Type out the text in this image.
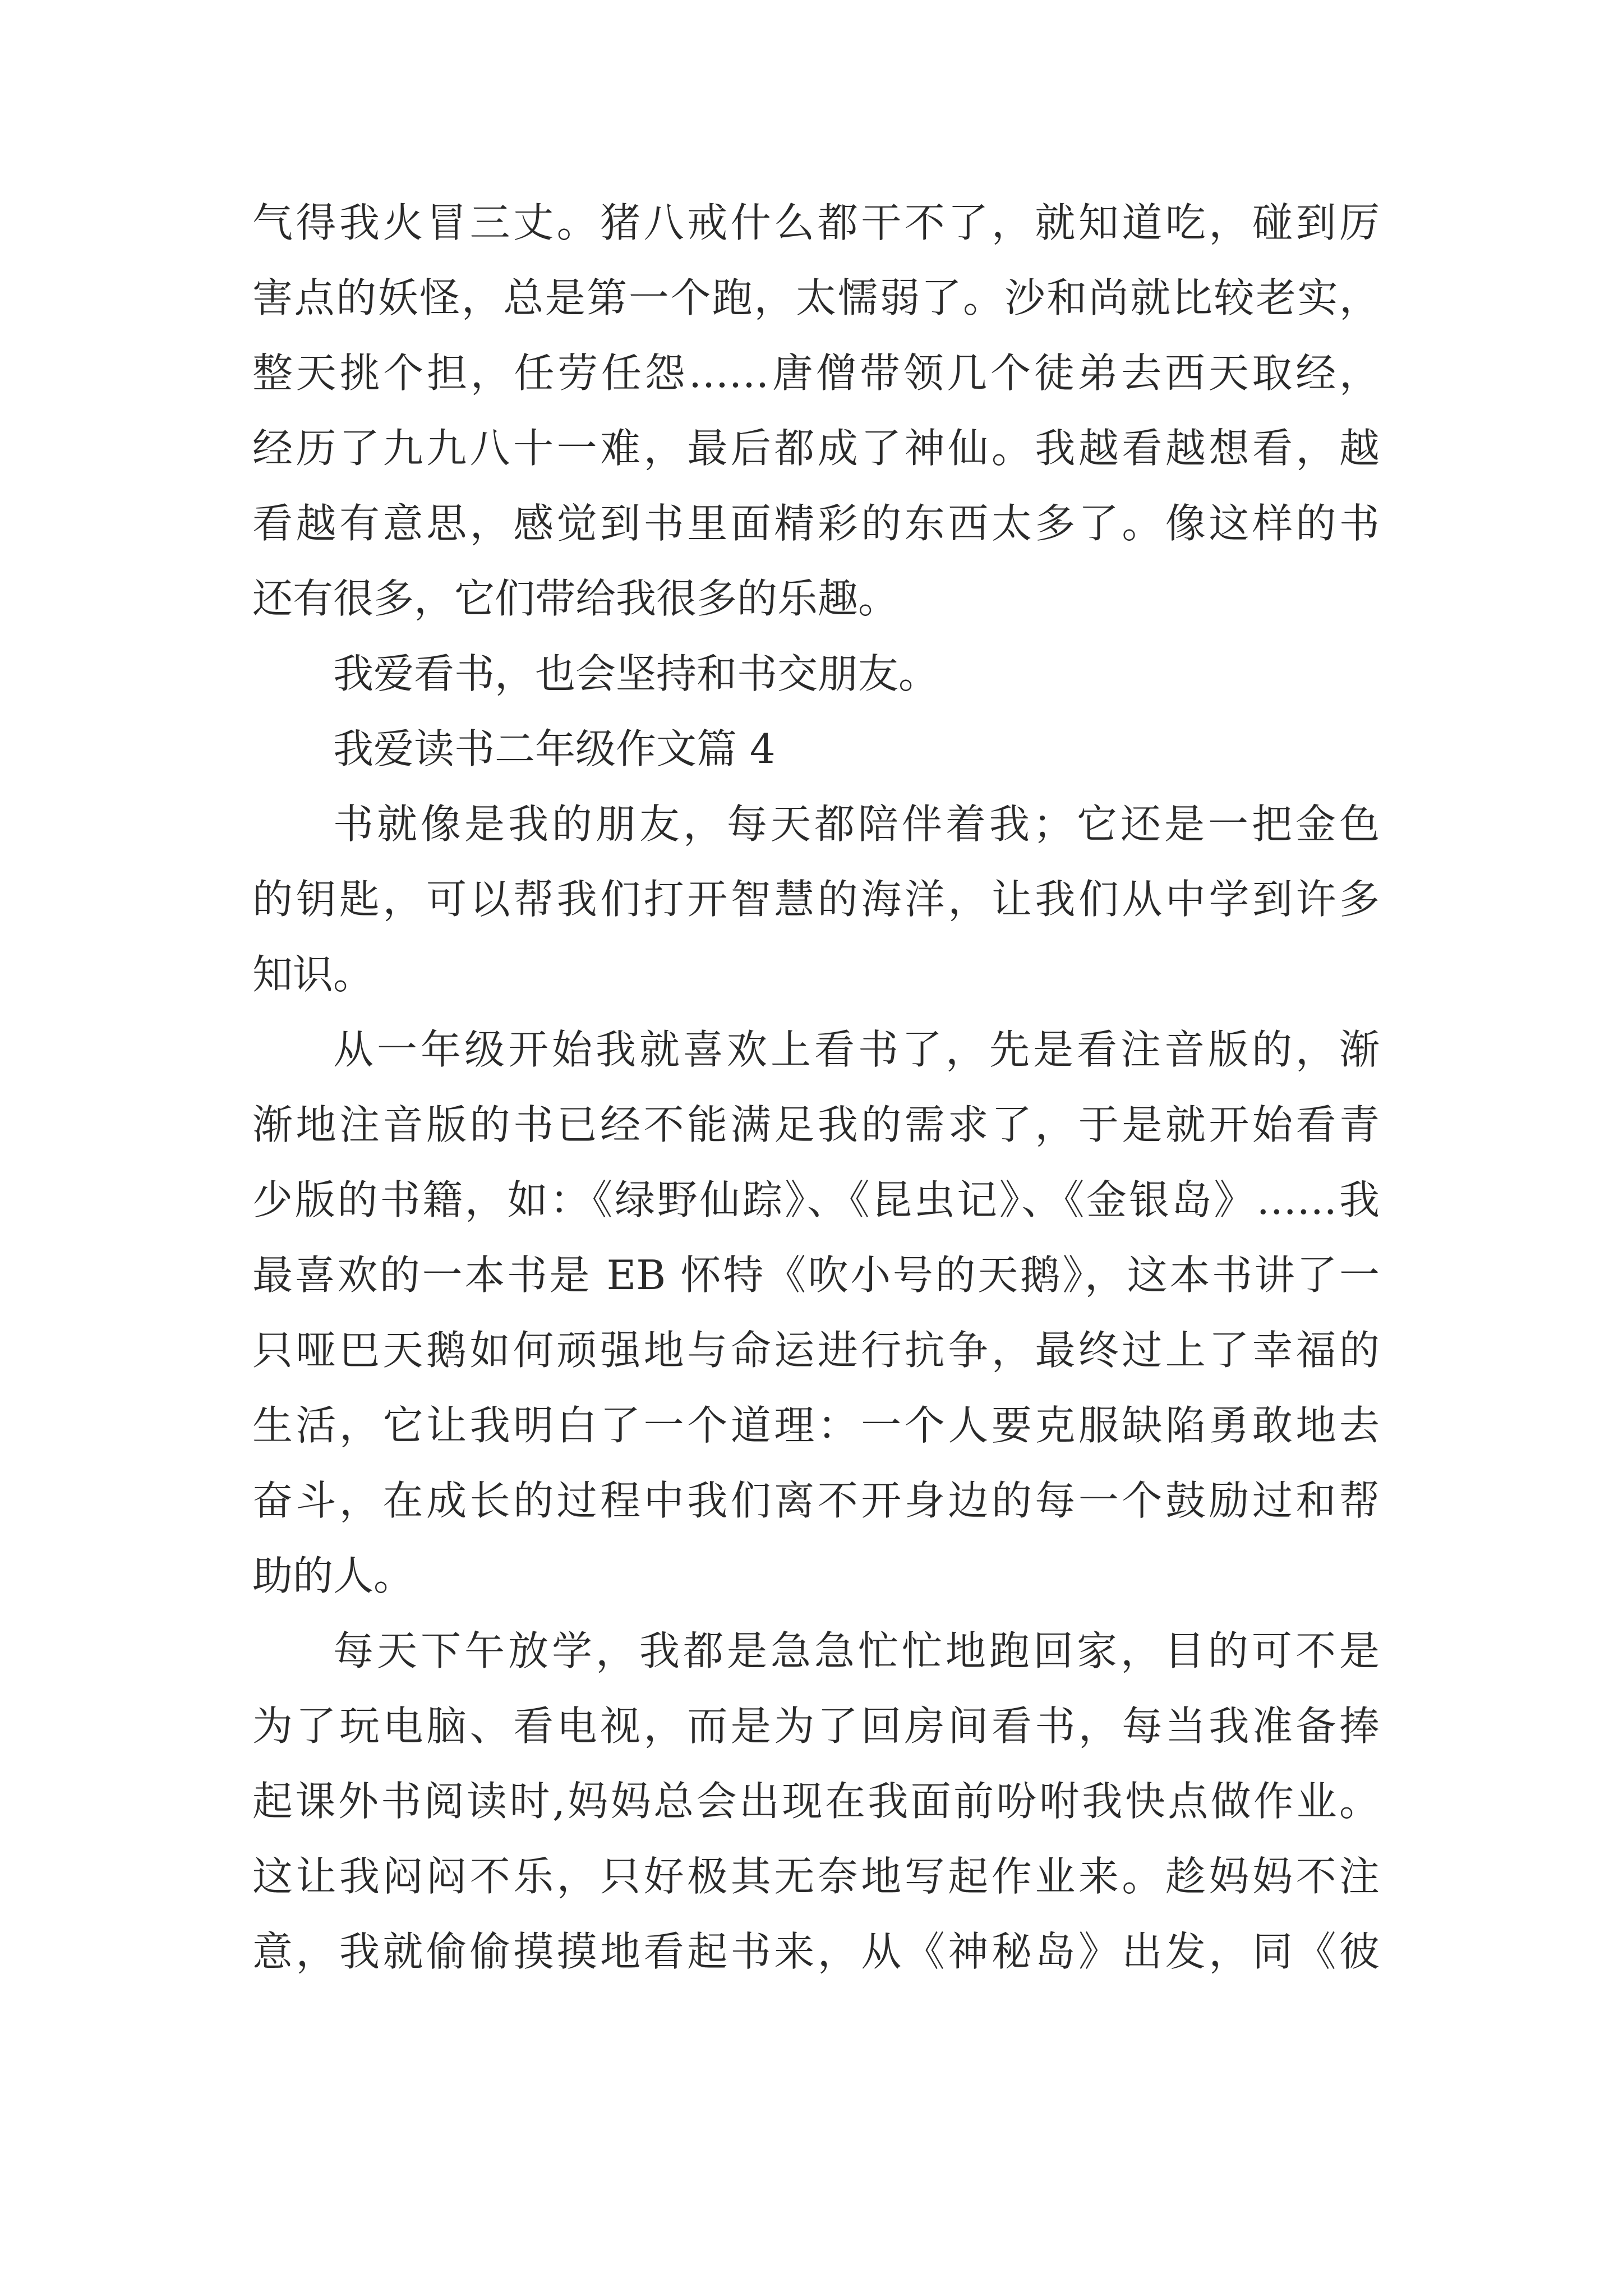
气得我火冒三丈。猪八戒什么都干不了，就知道吃，碰到厉
害点的妖怪，总是第一个跑，太懦弱了。沙和尚就比较老实，
整天挑个担，任劳任怨……唐僧带领几个徒弟去西天取经，
经历了九九八十一难，最后都成了神仙。我越看越想看，越
看越有意思，感觉到书里面精彩的东西太多了。像这样的书
还有很多，它们带给我很多的乐趣。
我爱看书，也会坚持和书交朋友。
我爱读书二年级作文篇 4
书就像是我的朋友，每天都陪伴着我；它还是一把金色
的钥匙，可以帮我们打开智慧的海洋，让我们从中学到许多
知识。
从一年级开始我就喜欢上看书了，先是看注音版的，渐
渐地注音版的书已经不能满足我的需求了，于是就开始看青
少版的书籍，如：《绿野仙踪》、《昆虫记》、《金银岛》……我
最喜欢的一本书是 EB 怀特《吹小号的天鹅》，这本书讲了一
只哑巴天鹅如何顽强地与命运进行抗争，最终过上了幸福的
生活，它让我明白了一个道理：一个人要克服缺陷勇敢地去
奋斗，在成长的过程中我们离不开身边的每一个鼓励过和帮
助的人。
每天下午放学，我都是急急忙忙地跑回家，目的可不是
为了玩电脑、看电视，而是为了回房间看书，每当我准备捧
起课外书阅读时,妈妈总会出现在我面前吩咐我快点做作业。
这让我闷闷不乐，只好极其无奈地写起作业来。趁妈妈不注
意，我就偷偷摸摸地看起书来，从《神秘岛》出发，同《彼
